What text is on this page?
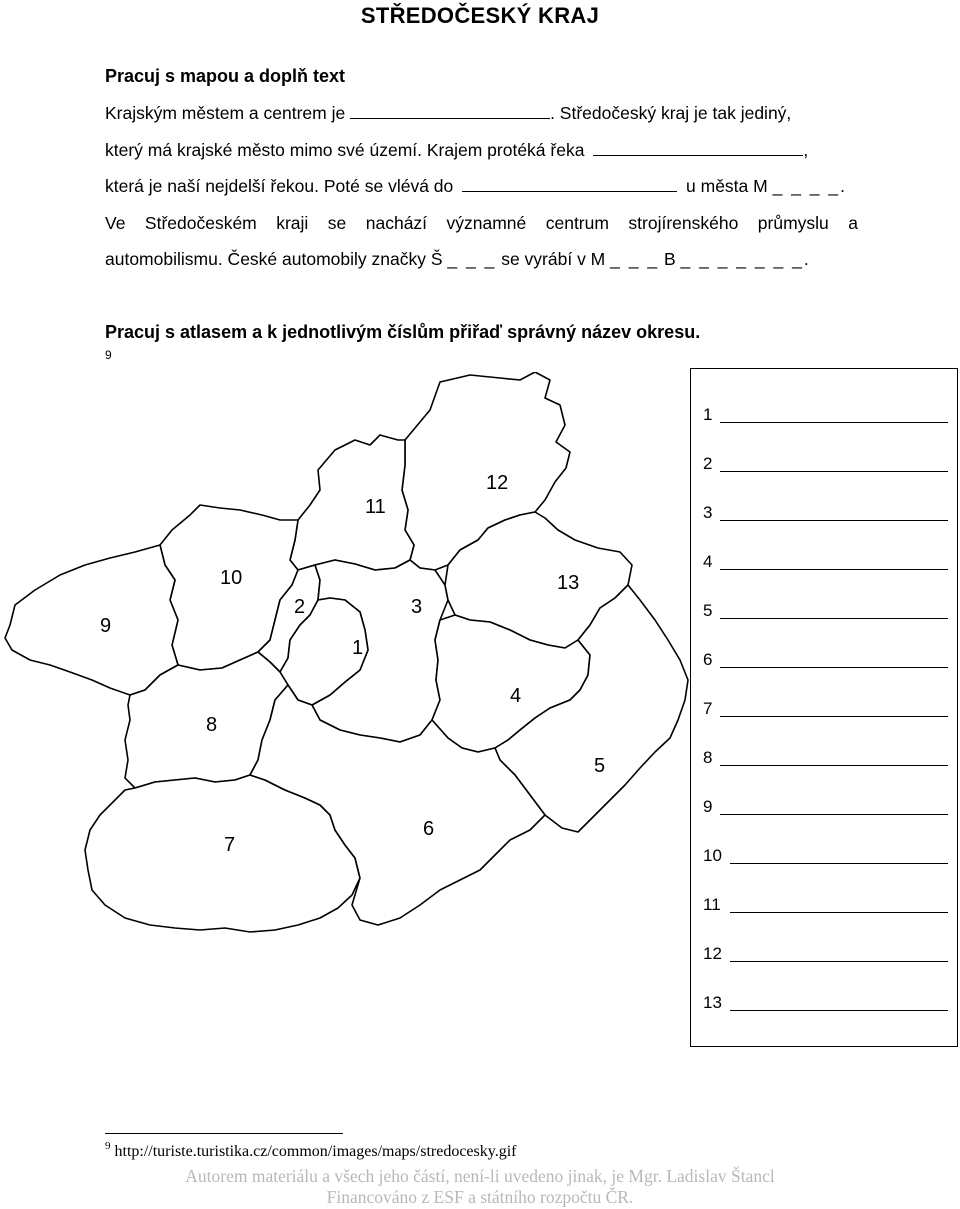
STŘEDOČESKÝ KRAJ
Pracuj s mapou a doplň text
Krajským městem a centrem je	. Středočeský kraj je tak jediný,
který má krajské město mimo své území. Krajem protéká řeka	,
která je naší nejdelší řekou. Poté se vlévá do	u města M _ _ _ _.
Ve Středočeském kraji se nachází významné centrum strojírenského průmyslu a
automobilismu. České automobily značky Š _ _ _ se vyrábí v M _ _ _ B _ _ _ _ _ _ _.
Pracuj s atlasem a k jednotlivým číslům přiřaď správný název okresu.
9
12
11
10	13
9
2	3
1
4
8
5
6
7
1
2
3
4
5
6
7
8
9
10
11
12
13
$^9$ http://turiste.turistika.cz/common/images/maps/stredocesky.gif
Autorem materiálu a všech jeho částí, není-li uvedeno jinak, je Mgr. Ladislav Štancl
Financováno z ESF a státního rozpočtu ČR.
